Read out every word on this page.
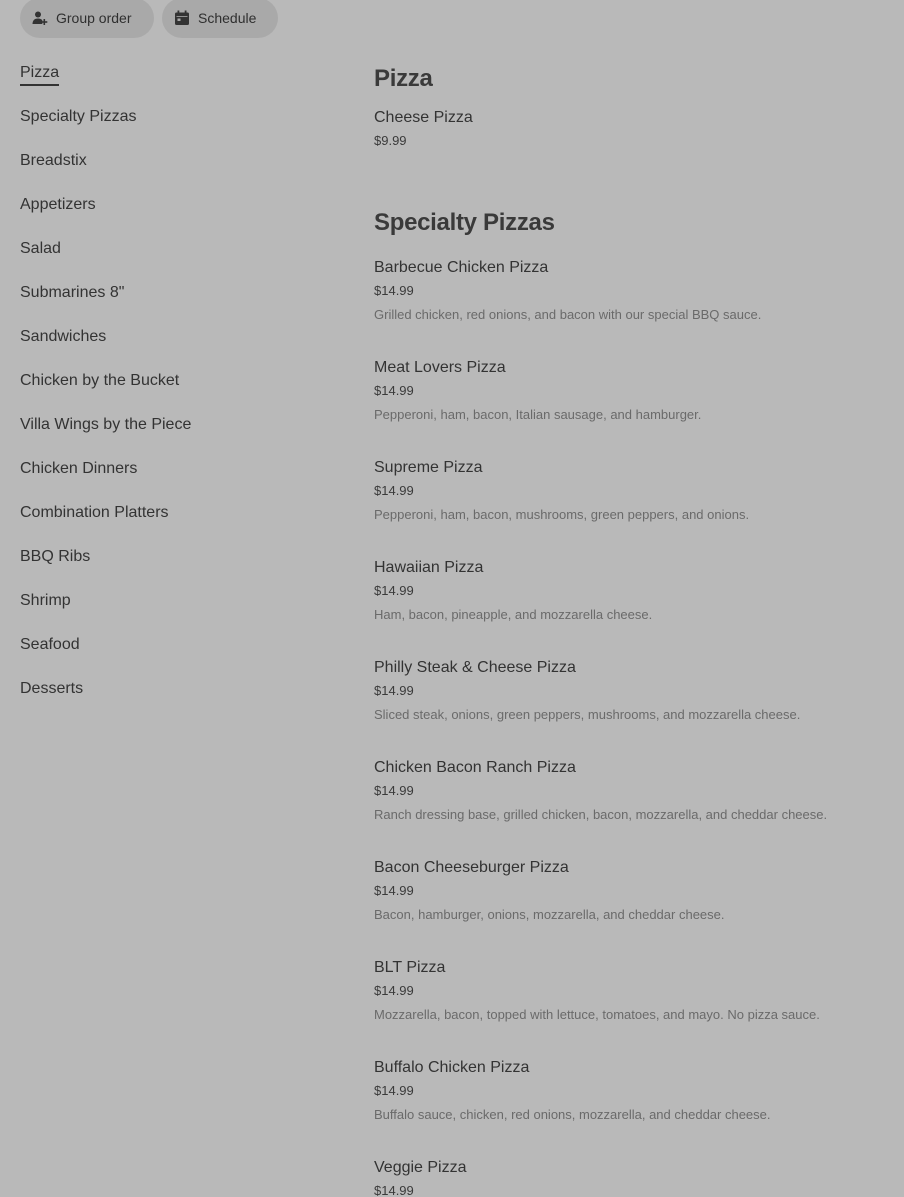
Group order	Schedule
Pizza
Specialty Pizzas
Breadstix
Appetizers
Salad
Submarines 8"
Sandwiches
Chicken by the Bucket
Villa Wings by the Piece
Chicken Dinners
Combination Platters
BBQ Ribs
Shrimp
Seafood
Desserts
Pizza
Cheese Pizza
$9.99
Specialty Pizzas
Barbecue Chicken Pizza
$14.99
Grilled chicken, red onions, and bacon with our special BBQ sauce.
Meat Lovers Pizza
$14.99
Pepperoni, ham, bacon, Italian sausage, and hamburger.
Supreme Pizza
$14.99
Pepperoni, ham, bacon, mushrooms, green peppers, and onions.
Hawaiian Pizza
$14.99
Ham, bacon, pineapple, and mozzarella cheese.
Philly Steak & Cheese Pizza
$14.99
Sliced steak, onions, green peppers, mushrooms, and mozzarella cheese.
Chicken Bacon Ranch Pizza
$14.99
Ranch dressing base, grilled chicken, bacon, mozzarella, and cheddar cheese.
Bacon Cheeseburger Pizza
$14.99
Bacon, hamburger, onions, mozzarella, and cheddar cheese.
BLT Pizza
$14.99
Mozzarella, bacon, topped with lettuce, tomatoes, and mayo. No pizza sauce.
Buffalo Chicken Pizza
$14.99
Buffalo sauce, chicken, red onions, mozzarella, and cheddar cheese.
Veggie Pizza
$14.99
